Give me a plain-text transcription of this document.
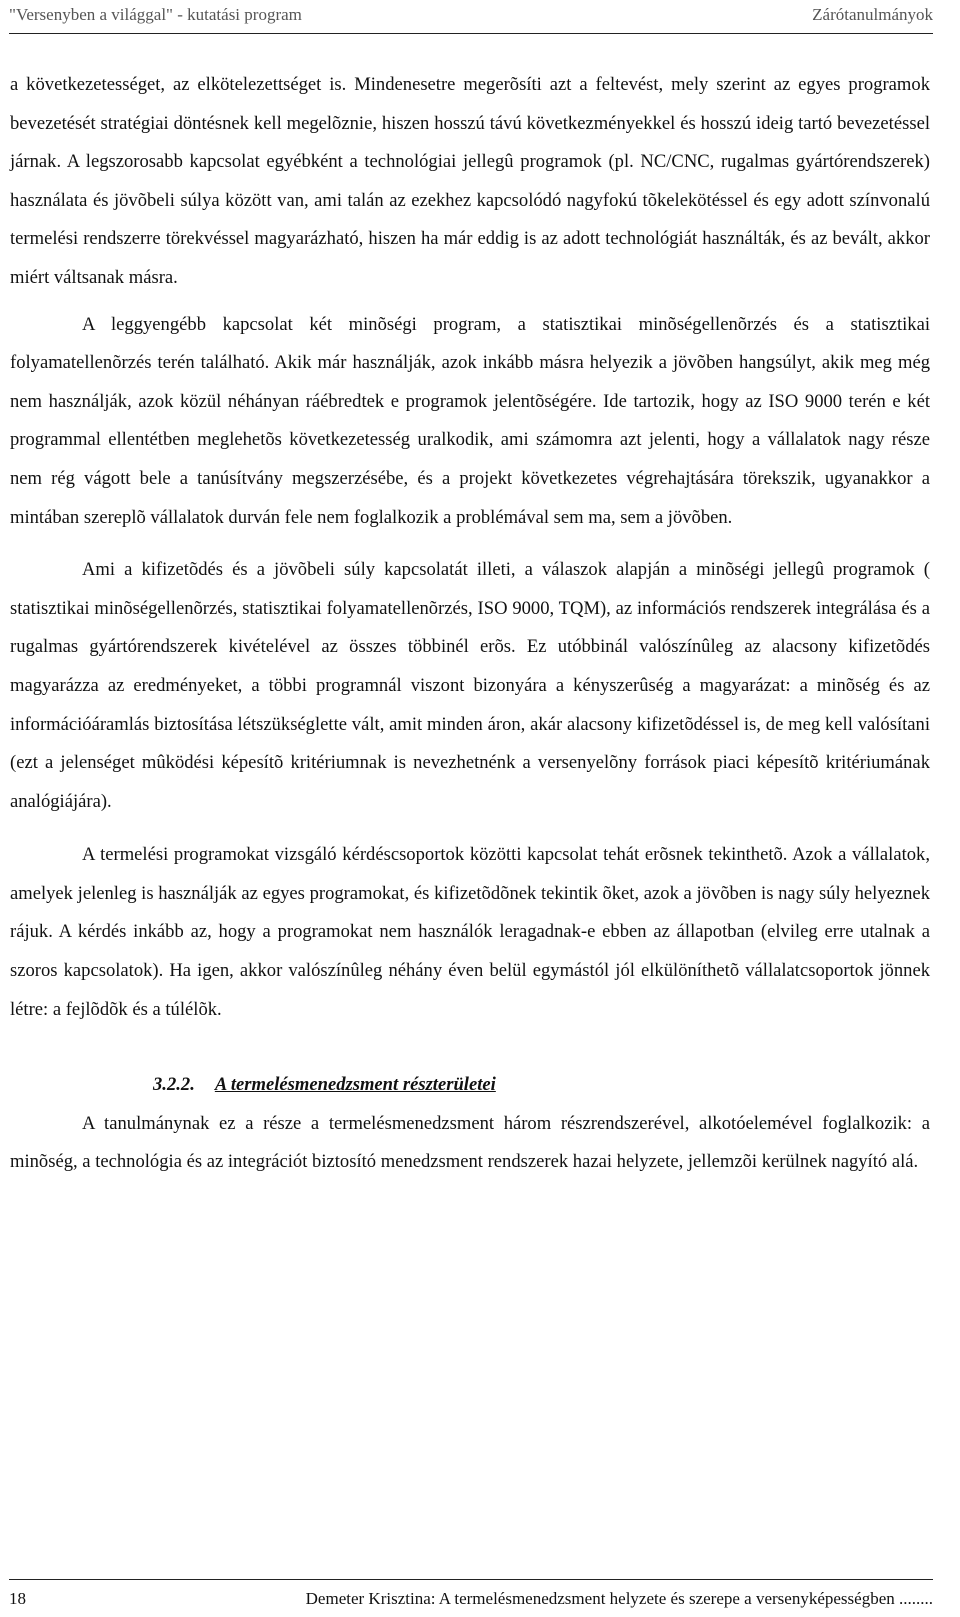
"Versenyben a világgal" - kutatási program	Zárótanulmányok

a következetességet, az elkötelezettséget is. Mindenesetre megerõsíti azt a feltevést, mely szerint az egyes programok bevezetését stratégiai döntésnek kell megelõznie, hiszen hosszú távú következményekkel és hosszú ideig tartó bevezetéssel járnak. A legszorosabb kapcsolat egyébként a technológiai jellegû programok (pl. NC/CNC, rugalmas gyártórendszerek) használata és jövõbeli súlya között van, ami talán az ezekhez kapcsolódó nagyfokú tõkelekötéssel és egy adott színvonalú termelési rendszerre törekvéssel magyarázható, hiszen ha már eddig is az adott technológiát használták, és az bevált, akkor miért váltsanak másra.

A leggyengébb kapcsolat két minõségi program, a statisztikai minõségellenõrzés és a statisztikai folyamatellenõrzés terén található. Akik már használják, azok inkább másra helyezik a jövõben hangsúlyt, akik meg még nem használják, azok közül néhányan ráébredtek e programok jelentõségére. Ide tartozik, hogy az ISO 9000 terén e két programmal ellentétben meglehetõs következetesség uralkodik, ami számomra azt jelenti, hogy a vállalatok nagy része nem rég vágott bele a tanúsítvány megszerzésébe, és a projekt következetes végrehajtására törekszik, ugyanakkor a mintában szereplõ vállalatok durván fele nem foglalkozik a problémával sem ma, sem a jövõben.

Ami a kifizetõdés és a jövõbeli súly kapcsolatát illeti, a válaszok alapján a minõségi jellegû programok ( statisztikai minõségellenõrzés, statisztikai folyamatellenõrzés, ISO 9000, TQM), az információs rendszerek integrálása és a rugalmas gyártórendszerek kivételével az összes többinél erõs. Ez utóbbinál valószínûleg az alacsony kifizetõdés magyarázza az eredményeket, a többi programnál viszont bizonyára a kényszerûség a magyarázat: a minõség és az információáramlás biztosítása létszükséglette vált, amit minden áron, akár alacsony kifizetõdéssel is, de meg kell valósítani (ezt a jelenséget mûködési képesítõ kritériumnak is nevezhetnénk a versenyelõny források piaci képesítõ kritériumának analógiájára).

A termelési programokat vizsgáló kérdéscsoportok közötti kapcsolat tehát erõsnek tekinthetõ. Azok a vállalatok, amelyek jelenleg is használják az egyes programokat, és kifizetõdõnek tekintik õket, azok a jövõben is nagy súly helyeznek rájuk. A kérdés inkább az, hogy a programokat nem használók leragadnak-e ebben az állapotban (elvileg erre utalnak a szoros kapcsolatok). Ha igen, akkor valószínûleg néhány éven belül egymástól jól elkülöníthetõ vállalatcsoportok jönnek létre: a fejlõdõk és a túlélõk.

3.2.2. A termelésmenedzsment részterületei

A tanulmánynak ez a része a termelésmenedzsment három részrendszerével, alkotóelemével foglalkozik: a minõség, a technológia és az integrációt biztosító menedzsment rendszerek hazai helyzete, jellemzõi kerülnek nagyító alá.

18	Demeter Krisztina: A termelésmenedzsment helyzete és szerepe a versenyképességben ........
